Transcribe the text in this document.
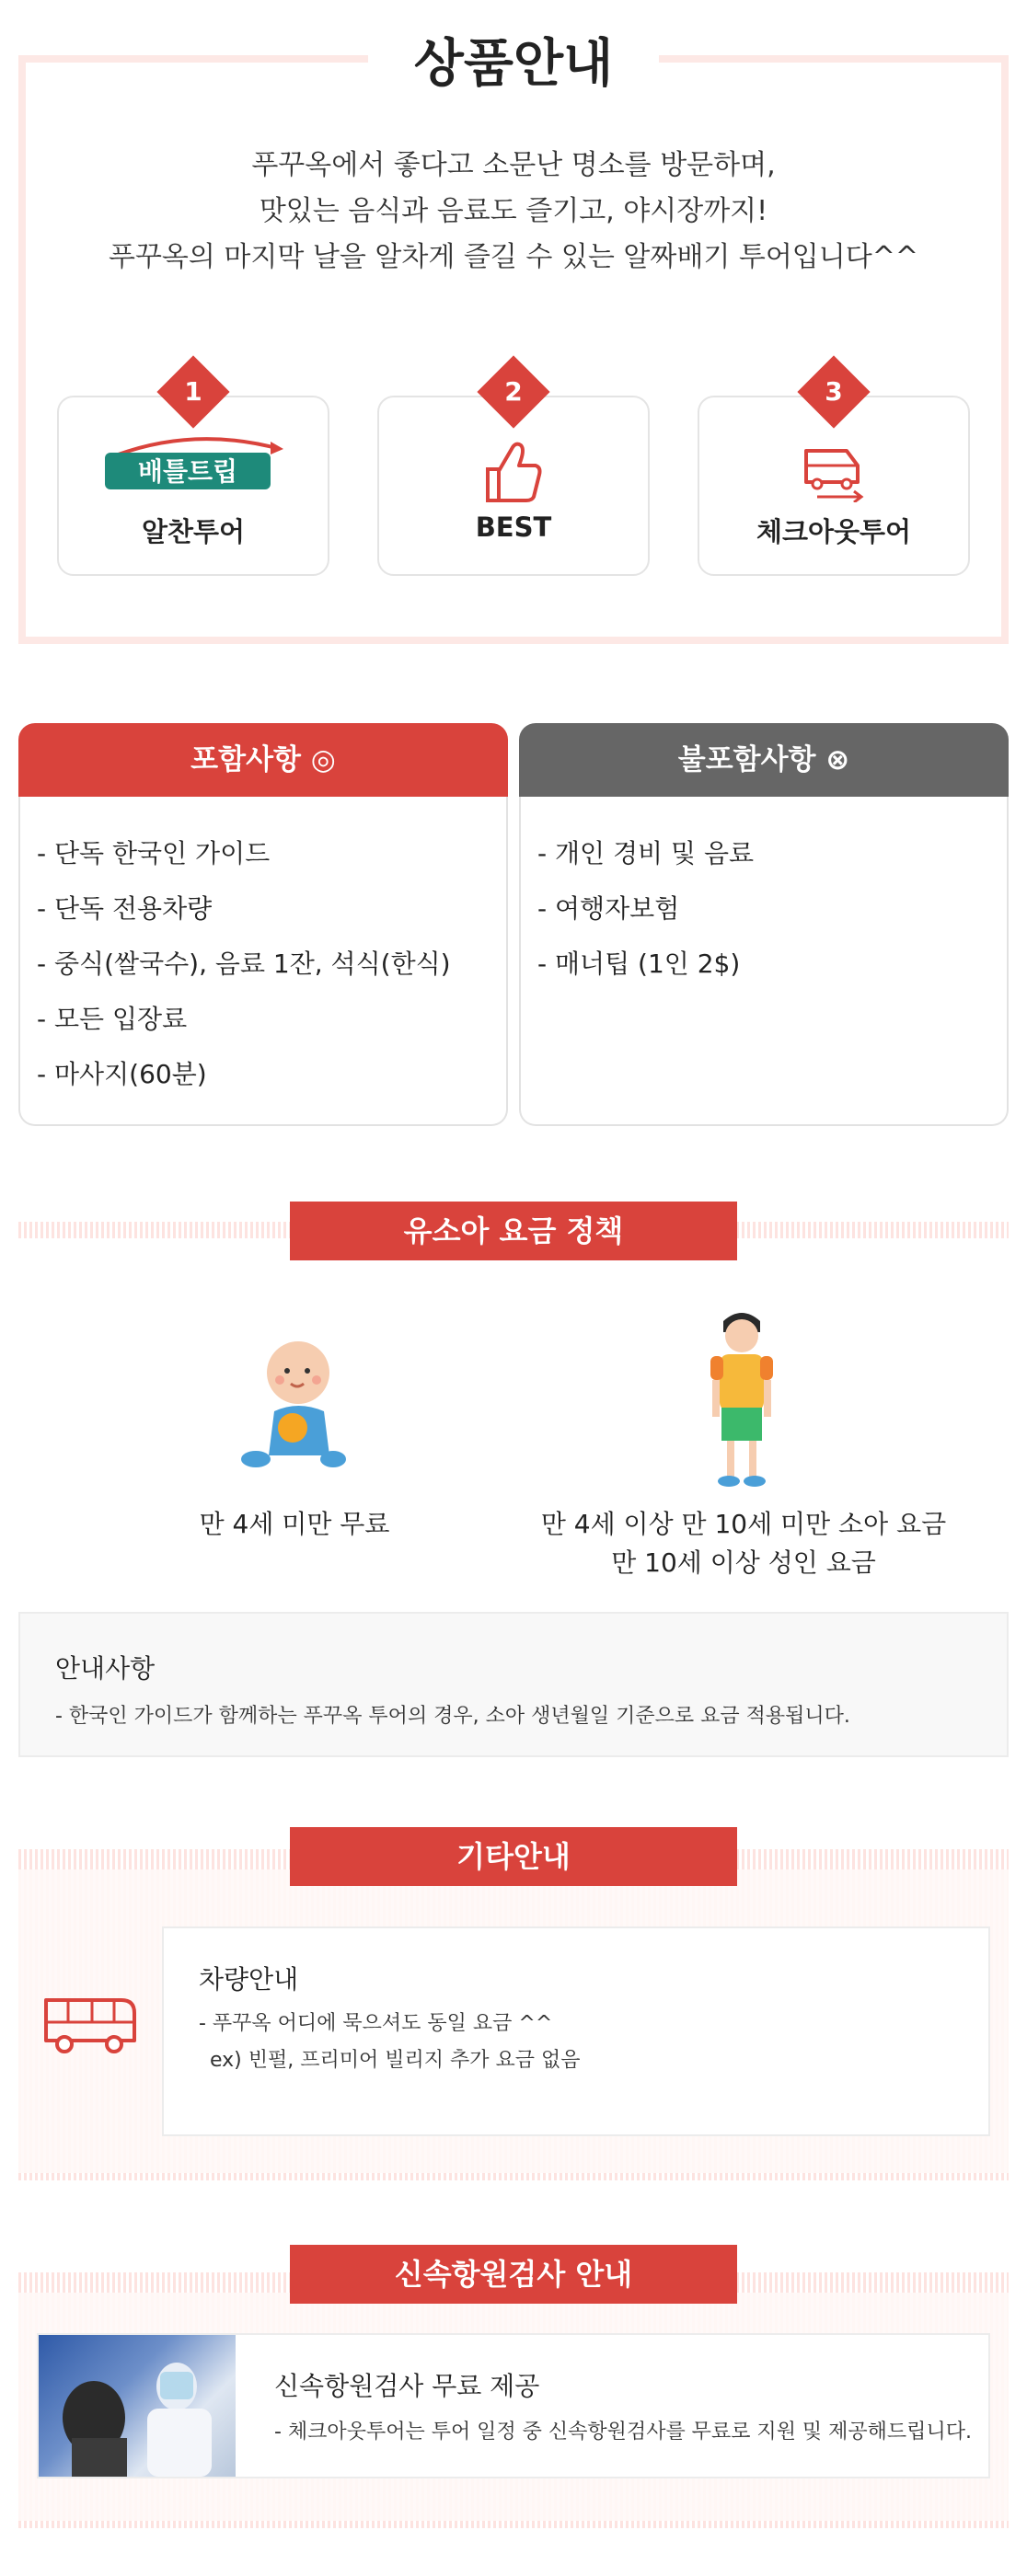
상품안내
푸꾸옥에서 좋다고 소문난 명소를 방문하며,
맛있는 음식과 음료도 즐기고, 야시장까지!
푸꾸옥의 마지막 날을 알차게 즐길 수 있는 알짜배기 투어입니다^^
1
배틀트립
알찬투어
2
BEST
3
체크아웃투어
포함사항 ◎
- 단독 한국인 가이드
- 단독 전용차량
- 중식(쌀국수), 음료 1잔, 석식(한식)
- 모든 입장료
- 마사지(60분)
불포함사항 ⊗
- 개인 경비 및 음료
- 여행자보험
- 매너팁 (1인 2$)
유소아 요금 정책
만 4세 미만 무료	만 4세 이상 만 10세 미만 소아 요금
만 10세 이상 성인 요금
안내사항
- 한국인 가이드가 함께하는 푸꾸옥 투어의 경우, 소아 생년월일 기준으로 요금 적용됩니다.
기타안내
차량안내
- 푸꾸옥 어디에 묵으셔도 동일 요금 ^^
ex) 빈펄, 프리미어 빌리지 추가 요금 없음
신속항원검사 안내
신속항원검사 무료 제공
- 체크아웃투어는 투어 일정 중 신속항원검사를 무료로 지원 및 제공해드립니다.
